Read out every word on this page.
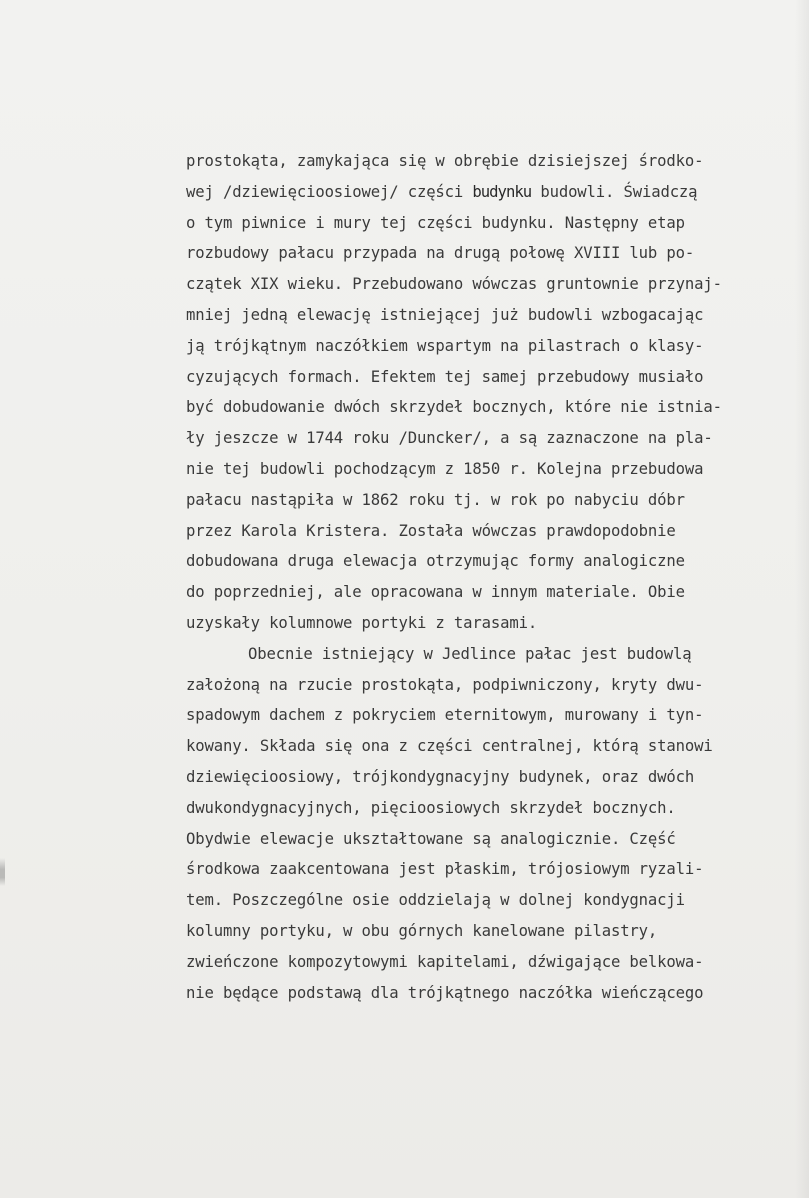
prostokąta, zamykająca się w obrębie dzisiejszej środko-
wej /dziewięcioosiowej/ części budynku budowli. Świadczą
o tym piwnice i mury tej części budynku. Następny etap
rozbudowy pałacu przypada na drugą połowę XVIII lub po-
czątek XIX wieku. Przebudowano wówczas gruntownie przynaj-
mniej jedną elewację istniejącej już budowli wzbogacając
ją trójkątnym naczółkiem wspartym na pilastrach o klasy-
cyzujących formach. Efektem tej samej przebudowy musiało
być dobudowanie dwóch skrzydeł bocznych, które nie istnia-
ły jeszcze w 1744 roku /Duncker/, a są zaznaczone na pla-
nie tej budowli pochodzącym z 1850 r. Kolejna przebudowa
pałacu nastąpiła w 1862 roku tj. w rok po nabyciu dóbr
przez Karola Kristera. Została wówczas prawdopodobnie
dobudowana druga elewacja otrzymując formy analogiczne
do poprzedniej, ale opracowana w innym materiale. Obie
uzyskały kolumnowe portyki z tarasami.
Obecnie istniejący w Jedlince pałac jest budowlą
założoną na rzucie prostokąta, podpiwniczony, kryty dwu-
spadowym dachem z pokryciem eternitowym, murowany i tyn-
kowany. Składa się ona z części centralnej, którą stanowi
dziewięcioosiowy, trójkondygnacyjny budynek, oraz dwóch
dwukondygnacyjnych, pięcioosiowych skrzydeł bocznych.
Obydwie elewacje ukształtowane są analogicznie. Część
środkowa zaakcentowana jest płaskim, trójosiowym ryzali-
tem. Poszczególne osie oddzielają w dolnej kondygnacji
kolumny portyku, w obu górnych kanelowane pilastry,
zwieńczone kompozytowymi kapitelami, dźwigające belkowa-
nie będące podstawą dla trójkątnego naczółka wieńczącego
